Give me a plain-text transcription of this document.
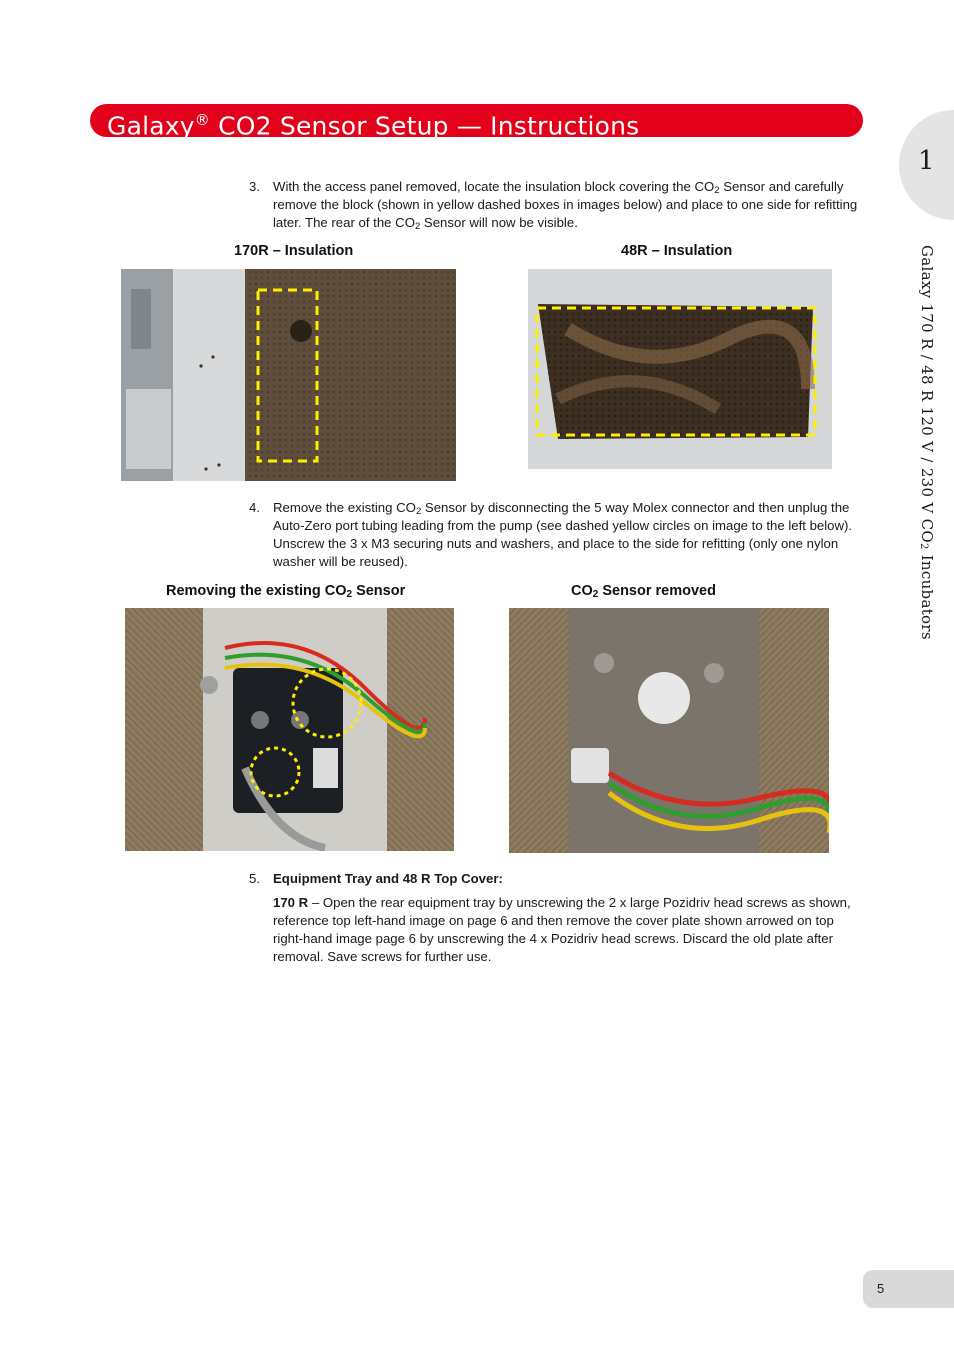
Galaxy® CO2 Sensor Setup — Instructions
1
Galaxy 170 R / 48 R 120 V / 230 V $CO_2$ Incubators
3. With the access panel removed, locate the insulation block covering the $CO_2$ Sensor and carefully remove the block (shown in yellow dashed boxes in images below) and place to one side for refitting later. The rear of the $CO_2$ Sensor will now be visible.
170R – Insulation	48R – Insulation
4. Remove the existing $CO_2$ Sensor by disconnecting the 5 way Molex connector and then unplug the Auto-Zero port tubing leading from the pump (see dashed yellow circles on image to the left below). Unscrew the 3 x M3 securing nuts and washers, and place to the side for refitting (only one nylon washer will be reused).
Removing the existing $CO_2$ Sensor	$CO_2$ Sensor removed
5. Equipment Tray and 48 R Top Cover:
170 R – Open the rear equipment tray by unscrewing the 2 x large Pozidriv head screws as shown, reference top left-hand image on page 6 and then remove the cover plate shown arrowed on top right-hand image page 6 by unscrewing the 4 x Pozidriv head screws. Discard the old plate after removal. Save screws for further use.
5
